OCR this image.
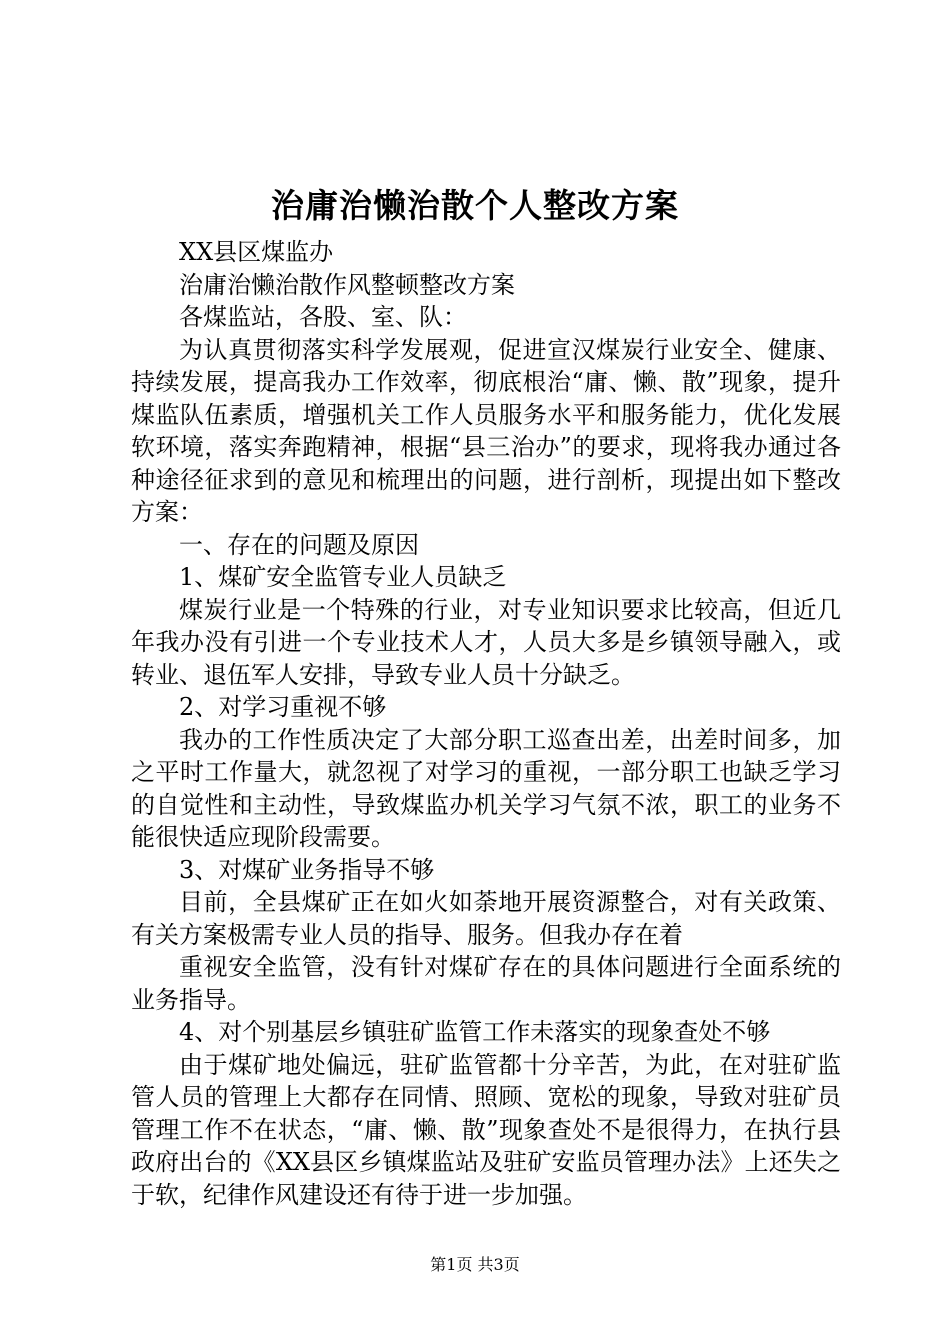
治庸治懒治散个人整改方案

XX县区煤监办

治庸治懒治散作风整顿整改方案

各煤监站，各股、室、队：

为认真贯彻落实科学发展观，促进宣汉煤炭行业安全、健康、持续发展，提高我办工作效率，彻底根治“庸、懒、散”现象，提升煤监队伍素质，增强机关工作人员服务水平和服务能力，优化发展软环境，落实奔跑精神，根据“县三治办”的要求，现将我办通过各种途径征求到的意见和梳理出的问题，进行剖析，现提出如下整改方案：

一、存在的问题及原因

1、煤矿安全监管专业人员缺乏

煤炭行业是一个特殊的行业，对专业知识要求比较高，但近几年我办没有引进一个专业技术人才，人员大多是乡镇领导融入，或转业、退伍军人安排，导致专业人员十分缺乏。

2、对学习重视不够

我办的工作性质决定了大部分职工巡查出差，出差时间多，加之平时工作量大，就忽视了对学习的重视，一部分职工也缺乏学习的自觉性和主动性，导致煤监办机关学习气氛不浓，职工的业务不能很快适应现阶段需要。

3、对煤矿业务指导不够

目前，全县煤矿正在如火如荼地开展资源整合，对有关政策、有关方案极需专业人员的指导、服务。但我办存在着

重视安全监管，没有针对煤矿存在的具体问题进行全面系统的业务指导。

4、对个别基层乡镇驻矿监管工作未落实的现象查处不够

由于煤矿地处偏远，驻矿监管都十分辛苦，为此，在对驻矿监管人员的管理上大都存在同情、照顾、宽松的现象，导致对驻矿员管理工作不在状态，“庸、懒、散”现象查处不是很得力，在执行县政府出台的《XX县区乡镇煤监站及驻矿安监员管理办法》上还失之于软，纪律作风建设还有待于进一步加强。

第1页 共3页
